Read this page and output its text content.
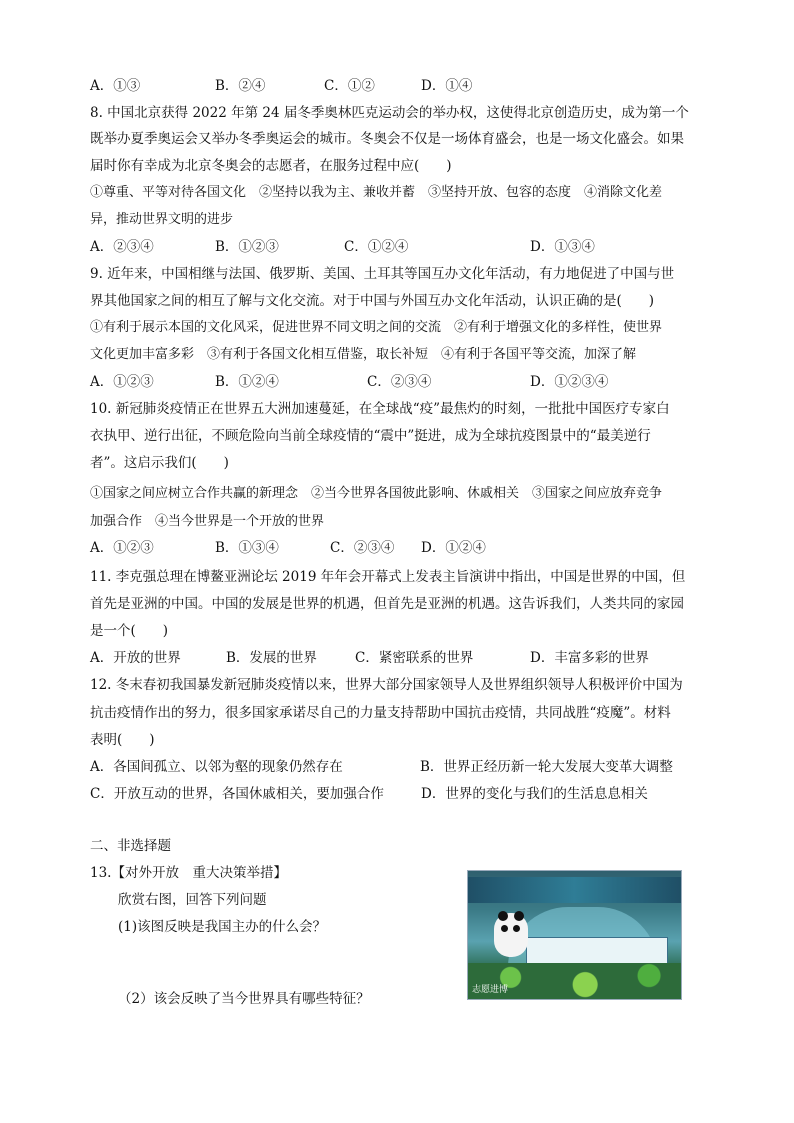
A．①③	B．②④	C．①②	D．①④
8. 中国北京获得 2022 年第 24 届冬季奥林匹克运动会的举办权，这使得北京创造历史，成为第一个
既举办夏季奥运会又举办冬季奥运会的城市。冬奥会不仅是一场体育盛会，也是一场文化盛会。如果
届时你有幸成为北京冬奥会的志愿者，在服务过程中应(　　)
①尊重、平等对待各国文化　②坚持以我为主、兼收并蓄　③坚持开放、包容的态度　④消除文化差
异，推动世界文明的进步
A．②③④	B．①②③	C．①②④	D．①③④
9. 近年来，中国相继与法国、俄罗斯、美国、土耳其等国互办文化年活动，有力地促进了中国与世
界其他国家之间的相互了解与文化交流。对于中国与外国互办文化年活动，认识正确的是(　　)
①有利于展示本国的文化风采，促进世界不同文明之间的交流　②有利于增强文化的多样性，使世界
文化更加丰富多彩　③有利于各国文化相互借鉴，取长补短　④有利于各国平等交流，加深了解
A．①②③	B．①②④	C．②③④	D．①②③④
10. 新冠肺炎疫情正在世界五大洲加速蔓延，在全球战“疫”最焦灼的时刻，一批批中国医疗专家白
衣执甲、逆行出征，不顾危险向当前全球疫情的“震中”挺进，成为全球抗疫图景中的“最美逆行
者”。这启示我们(　　)
①国家之间应树立合作共赢的新理念　②当今世界各国彼此影响、休戚相关　③国家之间应放弃竞争
加强合作　④当今世界是一个开放的世界
A．①②③	B．①③④	C．②③④ D．①②④
11. 李克强总理在博鳌亚洲论坛 2019 年年会开幕式上发表主旨演讲中指出，中国是世界的中国，但
首先是亚洲的中国。中国的发展是世界的机遇，但首先是亚洲的机遇。这告诉我们，人类共同的家园
是一个(　　)
A．开放的世界	B．发展的世界	C．紧密联系的世界	D．丰富多彩的世界
12. 冬末春初我国暴发新冠肺炎疫情以来，世界大部分国家领导人及世界组织领导人积极评价中国为
抗击疫情作出的努力，很多国家承诺尽自己的力量支持帮助中国抗击疫情，共同战胜“疫魔”。材料
表明(　　)
A．各国间孤立、以邻为壑的现象仍然存在	B．世界正经历新一轮大发展大变革大调整
C．开放互动的世界，各国休戚相关，要加强合作	D．世界的变化与我们的生活息息相关
二、非选择题
13.【对外开放　重大决策举措】
欣赏右图，回答下列问题
(1)该图反映是我国主办的什么会？
（2）该会反映了当今世界具有哪些特征？
志愿进博
